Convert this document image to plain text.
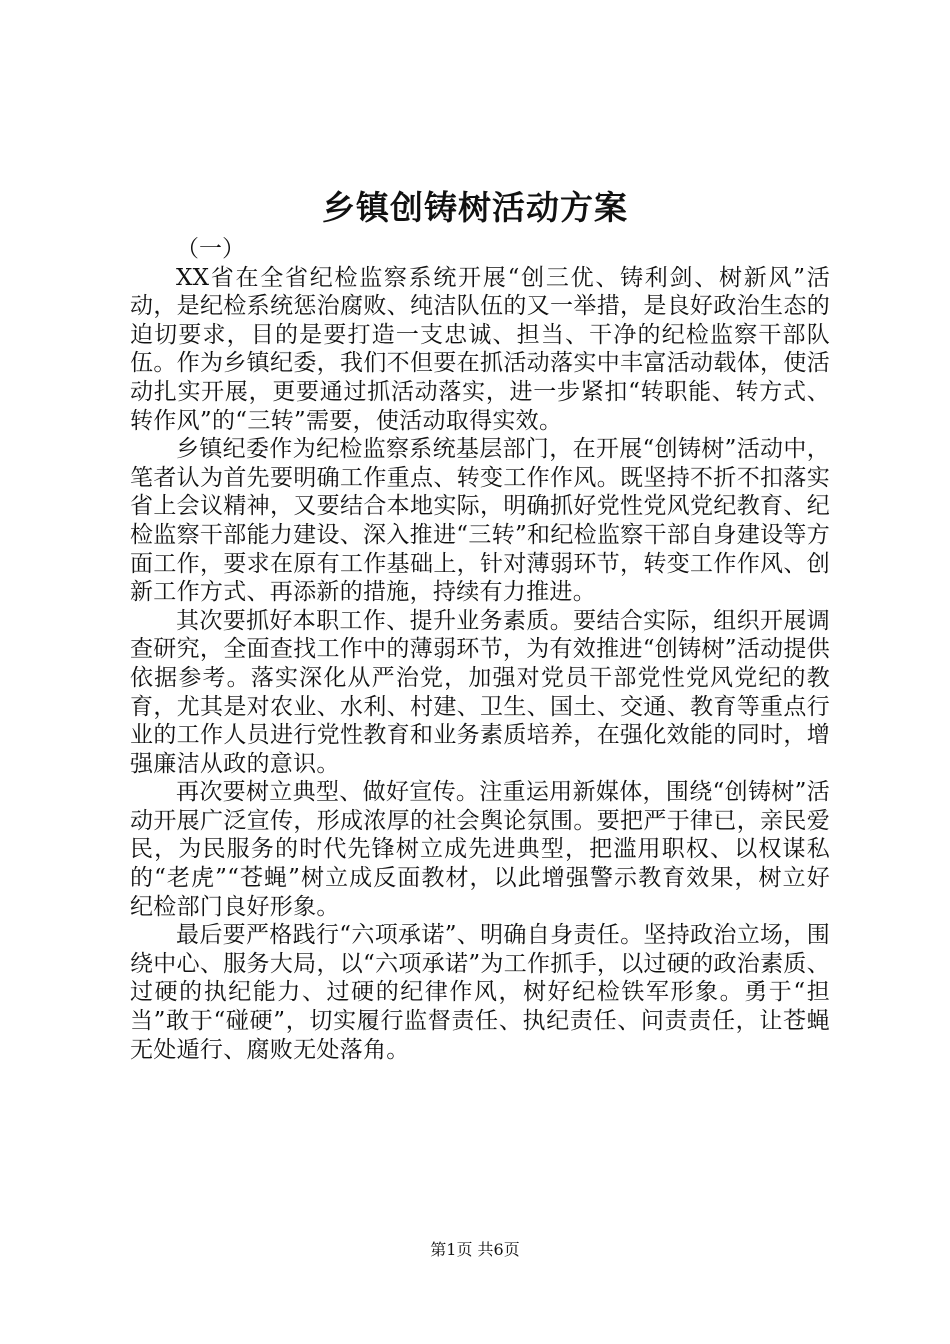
乡镇创铸树活动方案

（一）

XX省在全省纪检监察系统开展“创三优、铸利剑、树新风”活动，是纪检系统惩治腐败、纯洁队伍的又一举措，是良好政治生态的迫切要求，目的是要打造一支忠诚、担当、干净的纪检监察干部队伍。作为乡镇纪委，我们不但要在抓活动落实中丰富活动载体，使活动扎实开展，更要通过抓活动落实，进一步紧扣“转职能、转方式、转作风”的“三转”需要，使活动取得实效。

乡镇纪委作为纪检监察系统基层部门，在开展“创铸树”活动中，笔者认为首先要明确工作重点、转变工作作风。既坚持不折不扣落实省上会议精神，又要结合本地实际，明确抓好党性党风党纪教育、纪检监察干部能力建设、深入推进“三转”和纪检监察干部自身建设等方面工作，要求在原有工作基础上，针对薄弱环节，转变工作作风、创新工作方式、再添新的措施，持续有力推进。

其次要抓好本职工作、提升业务素质。要结合实际，组织开展调查研究，全面查找工作中的薄弱环节，为有效推进“创铸树”活动提供依据参考。落实深化从严治党，加强对党员干部党性党风党纪的教育，尤其是对农业、水利、村建、卫生、国土、交通、教育等重点行业的工作人员进行党性教育和业务素质培养，在强化效能的同时，增强廉洁从政的意识。

再次要树立典型、做好宣传。注重运用新媒体，围绕“创铸树”活动开展广泛宣传，形成浓厚的社会舆论氛围。要把严于律已，亲民爱民，为民服务的时代先锋树立成先进典型，把滥用职权、以权谋私的“老虎”“苍蝇”树立成反面教材，以此增强警示教育效果，树立好纪检部门良好形象。

最后要严格践行“六项承诺”、明确自身责任。坚持政治立场，围绕中心、服务大局，以“六项承诺”为工作抓手，以过硬的政治素质、过硬的执纪能力、过硬的纪律作风，树好纪检铁军形象。勇于“担当”敢于“碰硬”，切实履行监督责任、执纪责任、问责责任，让苍蝇无处遁行、腐败无处落角。

第1页 共6页
